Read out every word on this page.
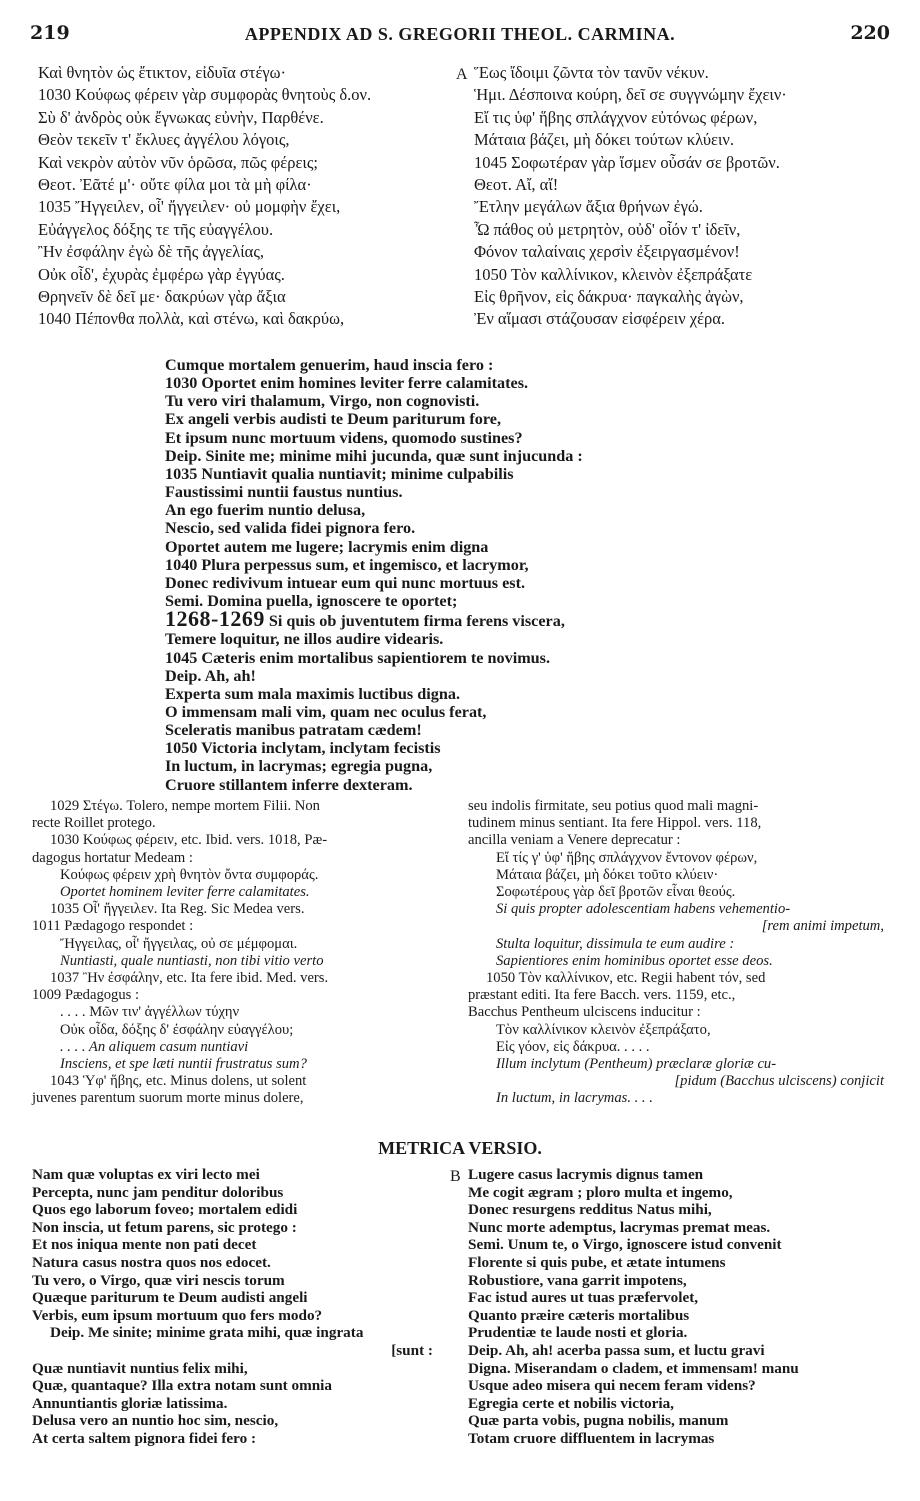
219	APPENDIX AD S. GREGORII THEOL. CARMINA.	220
Καὶ θνητὸν ὡς ἔτικτον, εἰδυῖα στέγω·
1030 Κούφως φέρειν γὰρ συμφορὰς θνητοὺς δ.ον.
Σὺ δ' ἀνδρὸς οὐκ ἔγνωκας εὐνὴν, Παρθένε.
Θεὸν τεκεῖν τ' ἔκλυες ἀγγέλου λόγοις,
Καὶ νεκρὸν αὐτὸν νῦν ὁρῶσα, πῶς φέρεις;
Θεοτ. Ἐᾶτέ μ'· οὔτε φίλα μοι τὰ μὴ φίλα·
1035 Ἤγγειλεν, οἷ' ἤγγειλεν· οὐ μομφὴν ἔχει,
Εὐάγγελος δόξης τε τῆς εὐαγγέλου.
Ἢν ἐσφάλην ἐγὼ δὲ τῆς ἀγγελίας,
Οὐκ οἶδ', ἐχυρὰς ἐμφέρω γὰρ ἐγγύας.
Θρηνεῖν δὲ δεῖ με· δακρύων γὰρ ἄξια
1040 Πέπονθα πολλὰ, καὶ στένω, καὶ δακρύω,
A Ἕως ἴδοιμι ζῶντα τὸν τανῦν νέκυν.
Ἡμι. Δέσποινα κούρη, δεῖ σε συγγνώμην ἔχειν·
Εἴ τις ὑφ' ἥβης σπλάγχνον εὐτόνως φέρων,
Μάταια βάζει, μὴ δόκει τούτων κλύειν.
1045 Σοφωτέραν γὰρ ἴσμεν οὖσάν σε βροτῶν.
Θεοτ. Αἴ, αἴ!
Ἔτλην μεγάλων ἄξια θρήνων ἐγώ.
Ὦ πάθος οὐ μετρητὸν, οὐδ' οἷόν τ' ἰδεῖν,
Φόνον ταλαίναις χερσὶν ἐξειργασμένον!
1050 Τὸν καλλίνικον, κλεινὸν ἐξεπράξατε
Εἰς θρῆνον, εἰς δάκρυα· παγκαλὴς ἀγὼν,
Ἐν αἵμασι στάζουσαν εἰσφέρειν χέρα.
Cumque mortalem genuerim, haud inscia fero :
1030 Oportet enim homines leviter ferre calamitates.
Tu vero viri thalamum, Virgo, non cognovisti.
Ex angeli verbis audisti te Deum pariturum fore,
Et ipsum nunc mortuum videns, quomodo sustines?
Deip. Sinite me; minime mihi jucunda, quæ sunt injucunda :
1035 Nuntiavit qualia nuntiavit; minime culpabilis
Faustissimi nuntii faustus nuntius.
An ego fuerim nuntio delusa,
Nescio, sed valida fidei pignora fero.
Oportet autem me lugere; lacrymis enim digna
1040 Plura perpessus sum, et ingemisco, et lacrymor,
Donec redivivum intuear eum qui nunc mortuus est.
Semi. Domina puella, ignoscere te oportet;
1268-1269 Si quis ob juventutem firma ferens viscera,
Temere loquitur, ne illos audire videaris.
1045 Cæteris enim mortalibus sapientiorem te novimus.
Deip. Ah, ah!
Experta sum mala maximis luctibus digna.
O immensam mali vim, quam nec oculus ferat,
Sceleratis manibus patratam cædem!
1050 Victoria inclytam, inclytam fecistis
In luctum, in lacrymas; egregia pugna,
Cruore stillantem inferre dexteram.
1029 Στέγω. Tolero, nempe mortem Filii. Non
recte Roillet protego.
1030 Κούφως φέρειν, etc. Ibid. vers. 1018, Pæ-
dagogus hortatur Medeam :
Κούφως φέρειν χρὴ θνητὸν ὄντα συμφοράς.
Oportet hominem leviter ferre calamitates.
1035 Οἷ' ἤγγειλεν. Ita Reg. Sic Medea vers.
1011 Pædagogo respondet :
Ἤγγειλας, οἷ' ἤγγειλας, οὐ σε μέμφομαι.
Nuntiasti, quale nuntiasti, non tibi vitio verto
1037 Ἢν ἐσφάλην, etc. Ita fere ibid. Med. vers.
1009 Pædagogus :
. . . . Μῶν τιν' ἀγγέλλων τύχην
Οὐκ οἶδα, δόξης δ' ἐσφάλην εὐαγγέλου;
. . . . An aliquem casum nuntiavi
Insciens, et spe læti nuntii frustratus sum?
1043 Ὑφ' ἥβης, etc. Minus dolens, ut solent
juvenes parentum suorum morte minus dolere,
seu indolis firmitate, seu potius quod mali magni-
tudinem minus sentiant. Ita fere Hippol. vers. 118,
ancilla veniam a Venere deprecatur :
Εἴ τίς γ' ὑφ' ἥβης σπλάγχνον ἔντονον φέρων,
Μάταια βάζει, μὴ δόκει τοῦτο κλύειν·
Σοφωτέρους γὰρ δεῖ βροτῶν εἶναι θεούς.
Si quis propter adolescentiam habens vehementio-
[rem animi impetum,
Stulta loquitur, dissimula te eum audire :
Sapientiores enim hominibus oportet esse deos.
1050 Τὸν καλλίνικον, etc. Regii habent τόν, sed
præstant editi. Ita fere Bacch. vers. 1159, etc.,
Bacchus Pentheum ulciscens inducitur :
Τὸν καλλίνικον κλεινὸν ἐξεπράξατο,
Εἰς γόον, εἰς δάκρυα. . . . .
Illum inclytum (Pentheum) præclaræ gloriæ cu-
[pidum (Bacchus ulciscens) conjicit
In luctum, in lacrymas. . . .
METRICA VERSIO.
Nam quæ voluptas ex viri lecto mei
Percepta, nunc jam penditur doloribus
Quos ego laborum foveo; mortalem edidi
Non inscia, ut fetum parens, sic protego :
Et nos iniqua mente non pati decet
Natura casus nostra quos nos edocet.
Tu vero, o Virgo, quæ viri nescis torum
Quæque pariturum te Deum audisti angeli
Verbis, eum ipsum mortuum quo fers modo?
Deip. Me sinite; minime grata mihi, quæ ingrata
[sunt :
Quæ nuntiavit nuntius felix mihi,
Quæ, quantaque? Illa extra notam sunt omnia
Annuntiantis gloriæ latissima.
Delusa vero an nuntio hoc sim, nescio,
At certa saltem pignora fidei fero :
B Lugere casus lacrymis dignus tamen
Me cogit ægram ; ploro multa et ingemo,
Donec resurgens redditus Natus mihi,
Nunc morte ademptus, lacrymas premat meas.
Semi. Unum te, o Virgo, ignoscere istud convenit
Florente si quis pube, et ætate intumens
Robustiore, vana garrit impotens,
Fac istud aures ut tuas præfervolet,
Quanto præire cæteris mortalibus
Prudentiæ te laude nosti et gloria.
Deip. Ah, ah! acerba passa sum, et luctu gravi
Digna. Miserandam o cladem, et immensam! manu
Usque adeo misera qui necem feram videns?
Egregia certe et nobilis victoria,
Quæ parta vobis, pugna nobilis, manum
Totam cruore diffluentem in lacrymas
